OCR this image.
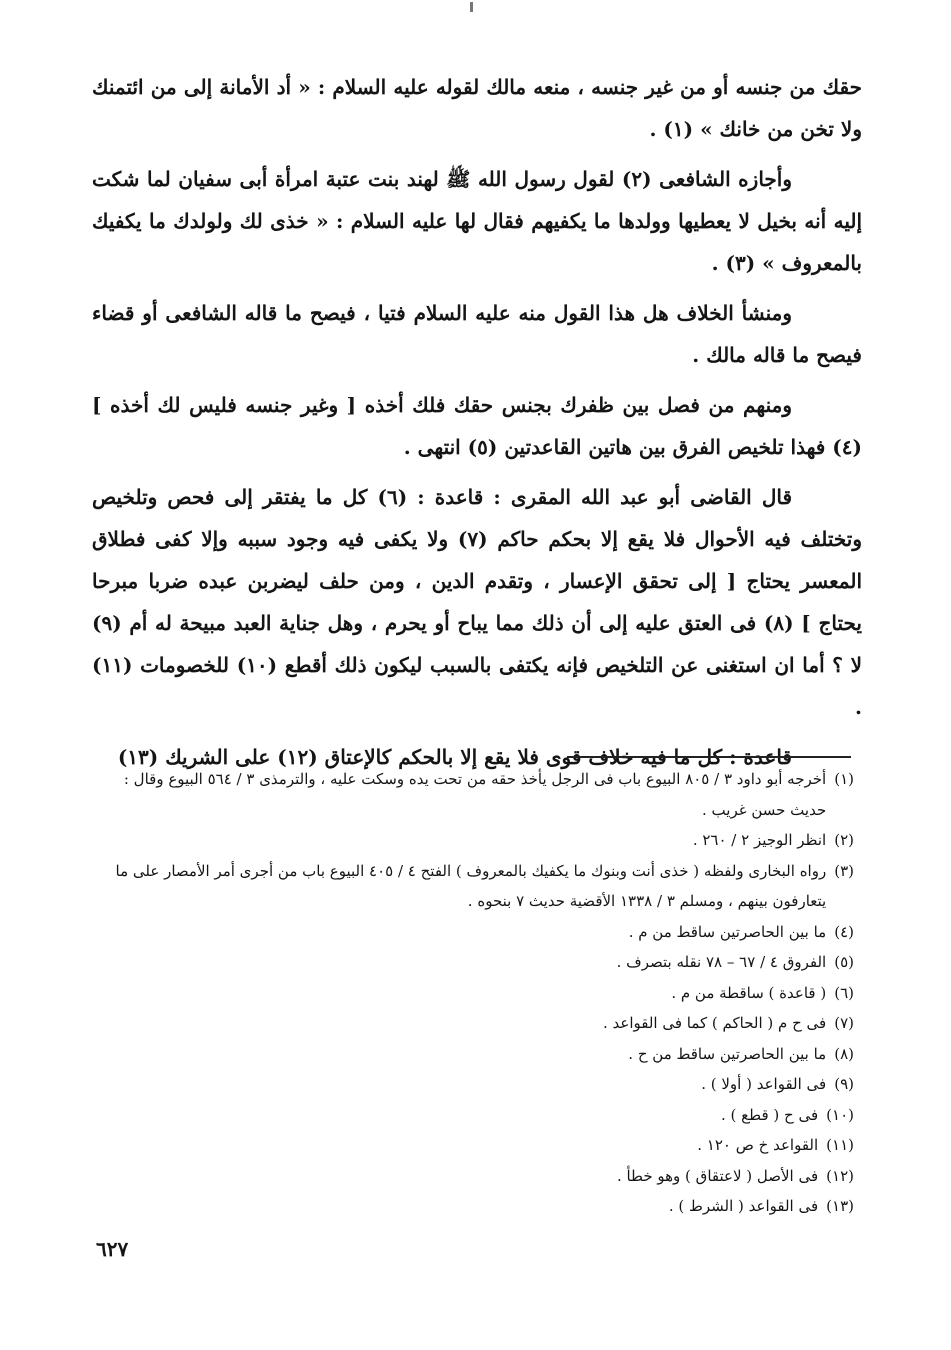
حقك من جنسه أو من غير جنسه ، منعه مالك لقوله عليه السلام : « أد الأمانة إلى من ائتمنك ولا تخن من خانك » (١) .

وأجازه الشافعى (٢) لقول رسول الله ﷺ لهند بنت عتبة امرأة أبى سفيان لما شكت إليه أنه بخيل لا يعطيها وولدها ما يكفيهم فقال لها عليه السلام : « خذى لك ولولدك ما يكفيك بالمعروف » (٣) .

ومنشأ الخلاف هل هذا القول منه عليه السلام فتيا ، فيصح ما قاله الشافعى أو قضاء فيصح ما قاله مالك .

ومنهم من فصل بين ظفرك بجنس حقك فلك أخذه [ وغير جنسه فليس لك أخذه ] (٤) فهذا تلخيص الفرق بين هاتين القاعدتين (٥) انتهى .

قال القاضى أبو عبد الله المقرى : قاعدة : (٦) كل ما يفتقر إلى فحص وتلخيص وتختلف فيه الأحوال فلا يقع إلا بحكم حاكم (٧) ولا يكفى فيه وجود سببه وإلا كفى فطلاق المعسر يحتاج [ إلى تحقق الإعسار ، وتقدم الدين ، ومن حلف ليضربن عبده ضربا مبرحا يحتاج ] (٨) فى العتق عليه إلى أن ذلك مما يباح أو يحرم ، وهل جناية العبد مبيحة له أم (٩) لا ؟ أما ان استغنى عن التلخيص فإنه يكتفى بالسبب ليكون ذلك أقطع (١٠) للخصومات (١١) .

قاعدة : كل ما فيه خلاف قوى فلا يقع إلا بالحكم كالإعتاق (١٢) على الشريك (١٣)

(١)
أخرجه أبو داود ٣ / ٨٠٥ البيوع باب فى الرجل يأخذ حقه من تحت يده وسكت عليه ، والترمذى ٣ / ٥٦٤ البيوع وقال : حديث حسن غريب .
(٢)
انظر الوجيز ٢ / ٢٦٠ .
(٣)
رواه البخارى ولفظه ( خذى أنت وبنوك ما يكفيك بالمعروف ) الفتح ٤ / ٤٠٥ البيوع باب من أجرى أمر الأمصار على ما يتعارفون بينهم ، ومسلم ٣ / ١٣٣٨ الأقضية حديث ٧ بنحوه .
(٤)
ما بين الحاصرتين ساقط من م .
(٥)
الفروق ٤ / ٦٧ – ٧٨ نقله بتصرف .
(٦)
( قاعدة ) ساقطة من م .
(٧)
فى ح م ( الحاكم ) كما فى القواعد .
(٨)
ما بين الحاصرتين ساقط من ح .
(٩)
فى القواعد ( أولا ) .
(١٠)
فى ح ( قطع ) .
(١١)
القواعد خ ص ١٢٠ .
(١٢)
فى الأصل ( لاعتقاق ) وهو خطأ .
(١٣)
فى القواعد ( الشرط ) .
٦٢٧
